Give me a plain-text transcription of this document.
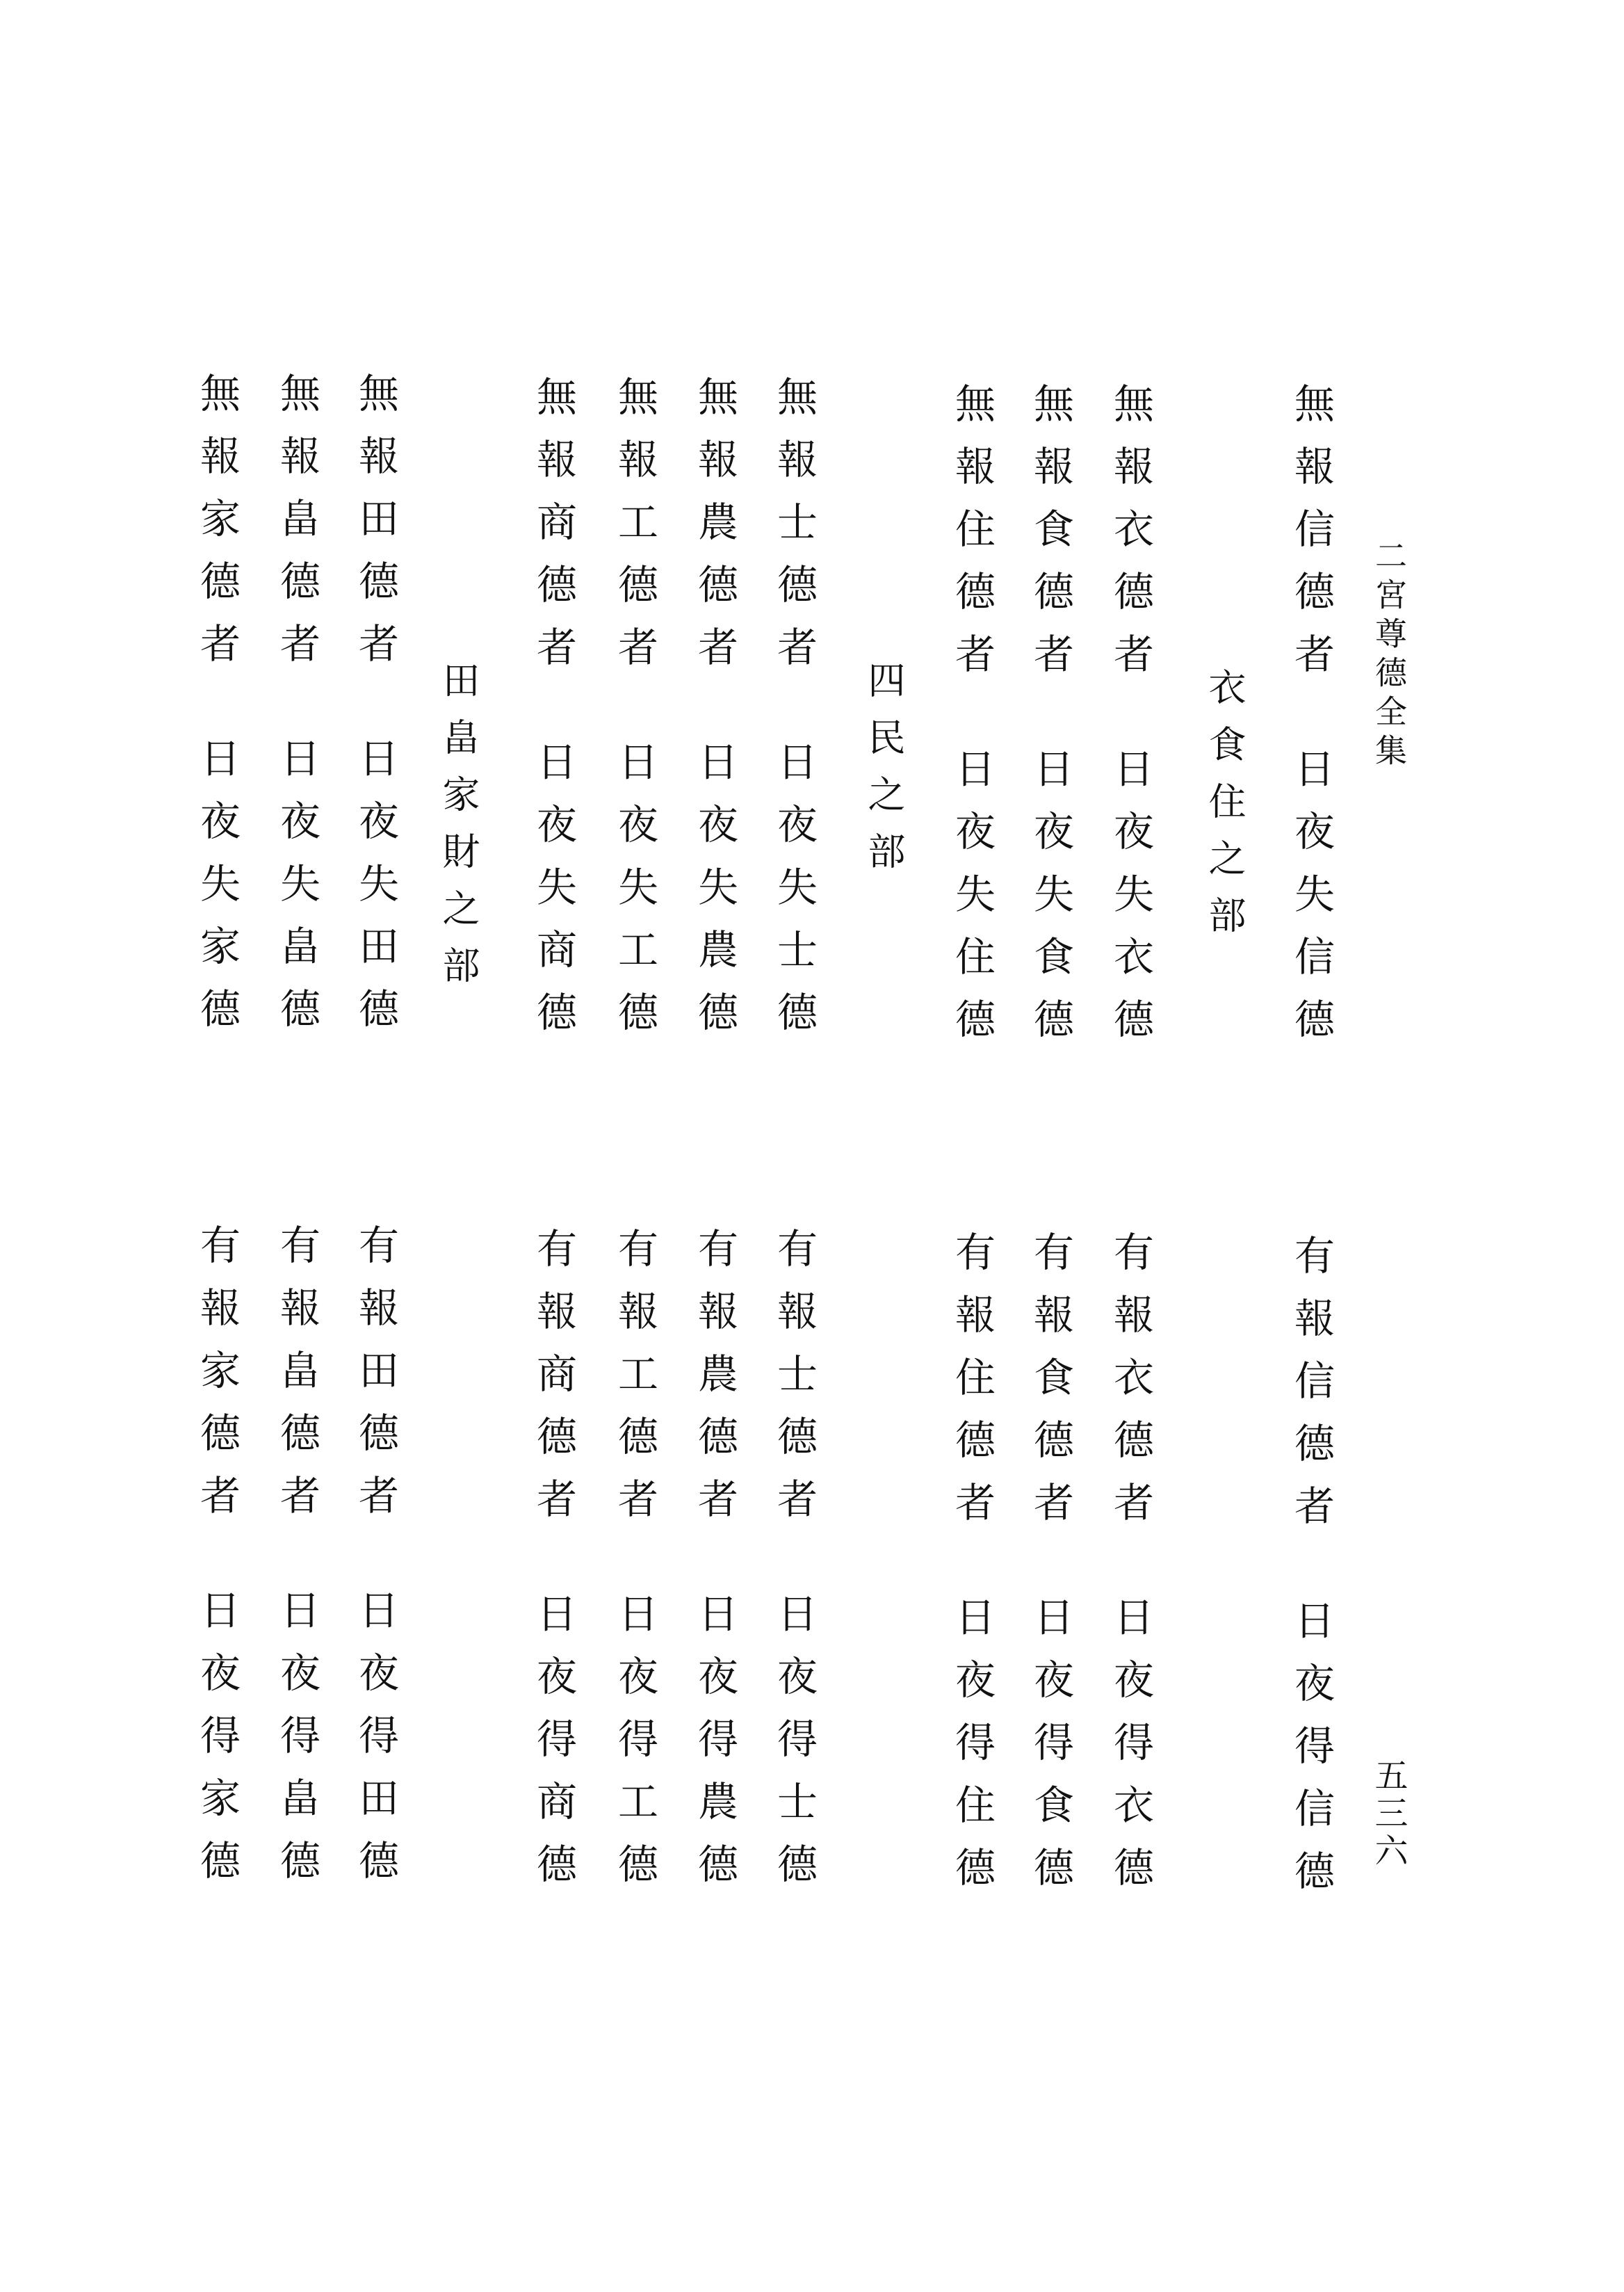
二宮尊德全集
五三六
衣食住之部
四民之部
田畠家財之部
無報信德者
日夜失信德
無報衣德者
日夜失衣德
無報食德者
日夜失食德
無報住德者
日夜失住德
無報士德者
日夜失士德
無報農德者
日夜失農德
無報工德者
日夜失工德
無報商德者
日夜失商德
無報田德者
日夜失田德
無報畠德者
日夜失畠德
無報家德者
日夜失家德
有報信德者
日夜得信德
有報衣德者
日夜得衣德
有報食德者
日夜得食德
有報住德者
日夜得住德
有報士德者
日夜得士德
有報農德者
日夜得農德
有報工德者
日夜得工德
有報商德者
日夜得商德
有報田德者
日夜得田德
有報畠德者
日夜得畠德
有報家德者
日夜得家德
